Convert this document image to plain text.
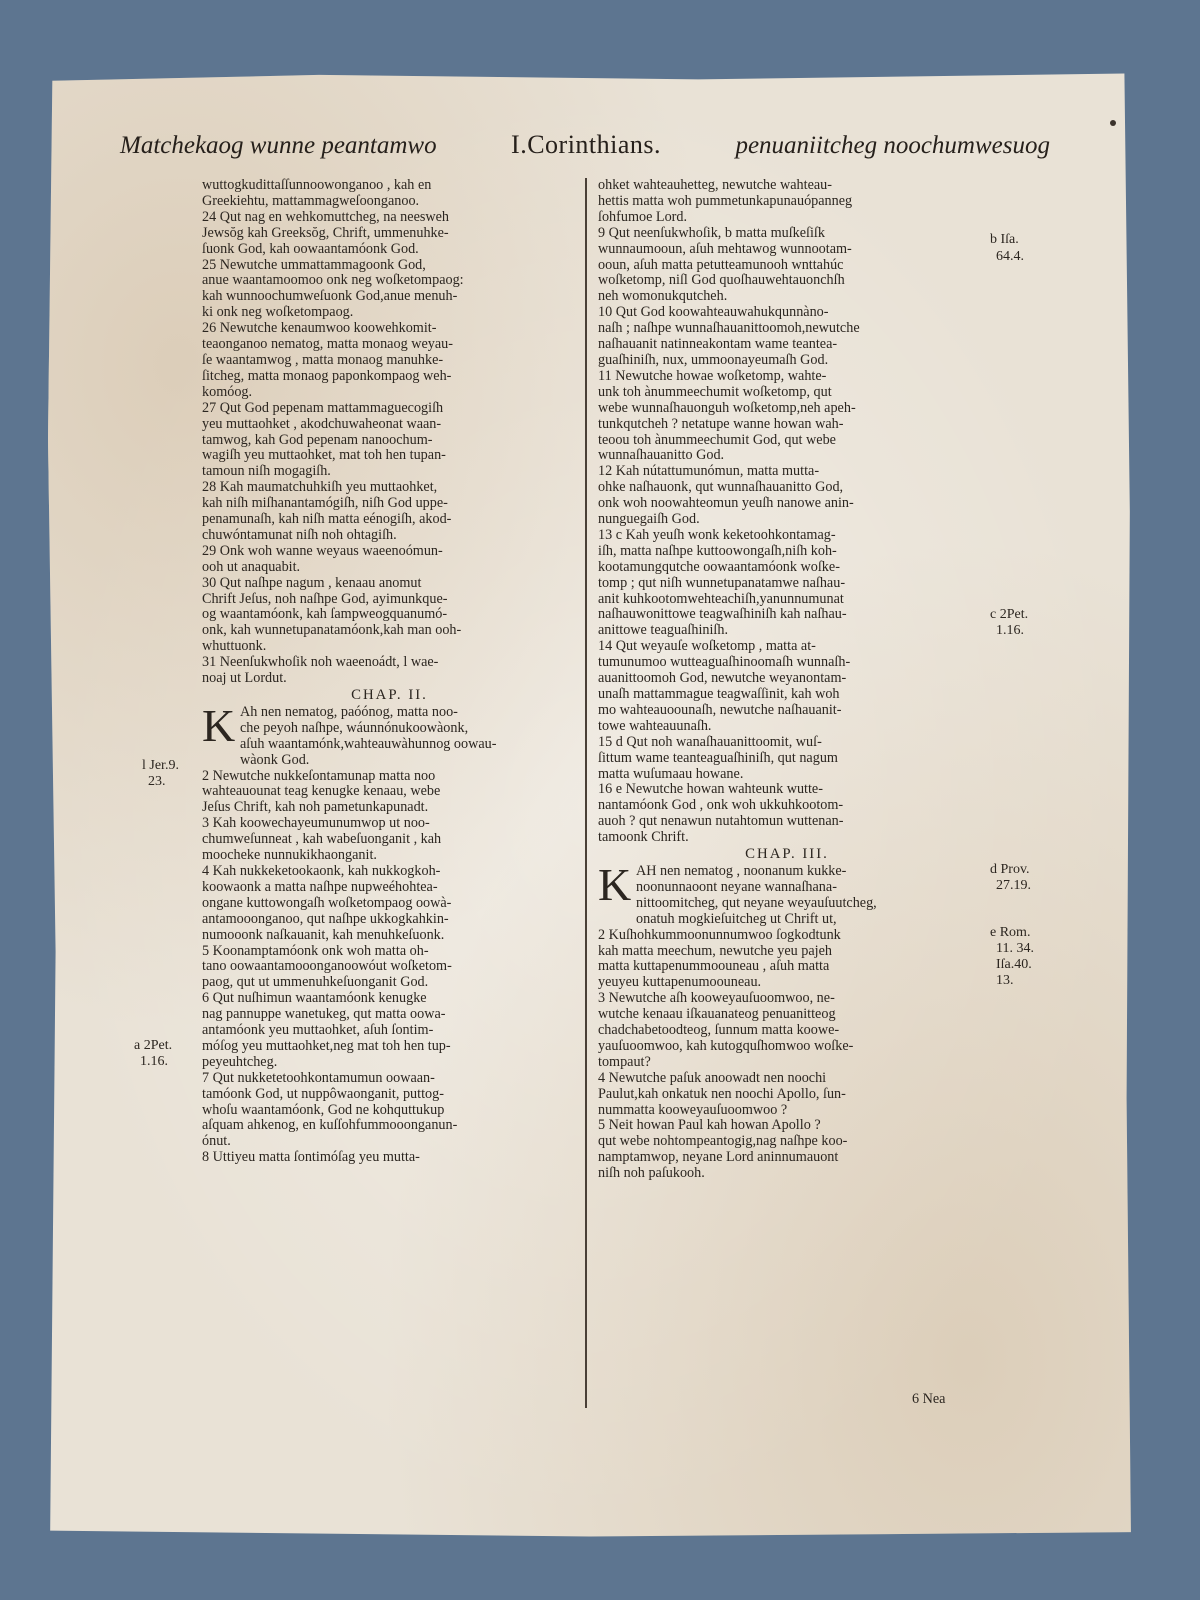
Matchekaog wunne peantamwo	I.Corinthians.	penuaniitcheg noochumwesuog
wuttogkudittaſſunnoowonganoo , kah en
Greekiehtu, mattammagweſoonganoo.
24 Qut nag en wehkomuttcheg, na neesweh
Jewsŏg kah Greeksŏg, Chrift, ummenuhke-
ſuonk God, kah oowaantamóonk God.
25 Newutche ummattammagoonk God,
anue waantamoomoo onk neg woſketompaog:
kah wunnoochumweſuonk God,anue menuh-
ki onk neg woſketompaog.
26 Newutche kenaumwoo koowehkomit-
teaonganoo nematog, matta monaog weyau-
ſe waantamwog , matta monaog manuhke-
ſitcheg, matta monaog paponkompaog weh-
komóog.
27 Qut God pepenam mattammaguecogiſh
yeu muttaohket , akodchuwaheonat waan-
tamwog, kah God pepenam nanoochum-
wagiſh yeu muttaohket, mat toh hen tupan-
tamoun niſh mogagiſh.
28 Kah maumatchuhkiſh yeu muttaohket,
kah niſh miſhanantamógiſh, niſh God uppe-
penamunaſh, kah niſh matta eénogiſh, akod-
chuwóntamunat niſh noh ohtagiſh.
29 Onk woh wanne weyaus waeenoómun-
ooh ut anaquabit.
30 Qut naſhpe nagum , kenaau anomut
Chrift Jeſus, noh naſhpe God, ayimunkque-
og waantamóonk, kah ſampweogquanumó-
onk, kah wunnetupanatamóonk,kah man ooh-
whuttuonk.
31 Neenſukwhoſik noh waeenoádt, l wae-
noaj ut Lordut.
CHAP. II.
K Ah nen nematog, paóónog, matta noo-
che peyoh naſhpe, wáunnónukoowàonk,
aſuh waantamónk,wahteauwàhunnog oowau-
wàonk God.
2 Newutche nukkeſontamunap matta noo
wahteauounat teag kenugke kenaau, webe
Jeſus Chrift, kah noh pametunkapunadt.
3 Kah koowechayeumunumwop ut noo-
chumweſunneat , kah wabeſuonganit , kah
moocheke nunnukikhaonganit.
4 Kah nukkeketookaonk, kah nukkogkoh-
koowaonk a matta naſhpe nupweéhohtea-
ongane kuttowongaſh woſketompaog oowà-
antamooonganoo, qut naſhpe ukkogkahkin-
numooonk naſkauanit, kah menuhkeſuonk.
5 Koonamptamóonk onk woh matta oh-
tano oowaantamooonganoowóut woſketom-
paog, qut ut ummenuhkeſuonganit God.
6 Qut nuſhimun waantamóonk kenugke
nag pannuppe wanetukeg, qut matta oowa-
antamóonk yeu muttaohket, aſuh ſontim-
móſog yeu muttaohket,neg mat toh hen tup-
peyeuhtcheg.
7 Qut nukketetoohkontamumun oowaan-
tamóonk God, ut nuppôwaonganit, puttog-
whoſu waantamóonk, God ne kohquttukup
aſquam ahkenog, en kuſſohfummooonganun-
ónut.
8 Uttiyeu matta ſontimóſag yeu mutta-
ohket wahteauhetteg, newutche wahteau-
hettis matta woh pummetunkapunauópanneg
ſohfumoe Lord.
9 Qut neenſukwhoſik, b matta muſkeſiſk
wunnaumooun, aſuh mehtawog wunnootam-
ooun, aſuh matta petutteamunooh wnttahúc
woſketomp, niſl God quoſhauwehtauonchſh
neh womonukqutcheh.
10 Qut God koowahteauwahukqunnàno-
naſh ; naſhpe wunnaſhauanittoomoh,newutche
naſhauanit natinneakontam wame teantea-
guaſhiniſh, nux, ummoonayeumaſh God.
11 Newutche howae woſketomp, wahte-
unk toh ànummeechumit woſketomp, qut
webe wunnaſhauonguh woſketomp,neh apeh-
tunkqutcheh ? netatupe wanne howan wah-
teoou toh ànummeechumit God, qut webe
wunnaſhauanitto God.
12 Kah nútattumunómun, matta mutta-
ohke naſhauonk, qut wunnaſhauanitto God,
onk woh noowahteomun yeuſh nanowe anin-
nunguegaiſh God.
13 c Kah yeuſh wonk keketoohkontamag-
iſh, matta naſhpe kuttoowongaſh,niſh koh-
kootamungqutche oowaantamóonk woſke-
tomp ; qut niſh wunnetupanatamwe naſhau-
anit kuhkootomwehteachiſh,yanunnumunat
naſhauwonittowe teagwaſhiniſh kah naſhau-
anittowe teaguaſhiniſh.
14 Qut weyauſe woſketomp , matta at-
tumunumoo wutteaguaſhinoomaſh wunnaſh-
auanittoomoh God, newutche weyanontam-
unaſh mattammague teagwaſſinit, kah woh
mo wahteauoounaſh, newutche naſhauanit-
towe wahteauunaſh.
15 d Qut noh wanaſhauanittoomit, wuſ-
ſittum wame teanteaguaſhiniſh, qut nagum
matta wuſumaau howane.
16 e Newutche howan wahteunk wutte-
nantamóonk God , onk woh ukkuhkootom-
auoh ? qut nenawun nutahtomun wuttenan-
tamoonk Chrift.
CHAP. III.
K AH nen nematog , noonanum kukke-
noonunnaoont neyane wannaſhana-
nittoomitcheg, qut neyane weyauſuutcheg,
onatuh mogkieſuitcheg ut Chrift ut,
2 Kuſhohkummoonunnumwoo ſogkodtunk
kah matta meechum, newutche yeu pajeh
matta kuttapenummoouneau , aſuh matta
yeuyeu kuttapenumoouneau.
3 Newutche aſh kooweyauſuoomwoo, ne-
wutche kenaau iſkauanateog penuanitteog
chadchabetoodteog, ſunnum matta koowe-
yauſuoomwoo, kah kutogquſhomwoo woſke-
tompaut?
4 Newutche paſuk anoowadt nen noochi
Paulut,kah onkatuk nen noochi Apollo, ſun-
nummatta kooweyauſuoomwoo ?
5 Neit howan Paul kah howan Apollo ?
qut webe nohtompeantogig,nag naſhpe koo-
namptamwop, neyane Lord aninnumauont
niſh noh paſukooh.
6 Nea
l Jer.9.
23.
a 2Pet.
1.16.
b Iſa.
64.4.
c 2Pet.
1.16.
d Prov.
27.19.
e Rom.
11. 34.
Iſa.40.
13.
